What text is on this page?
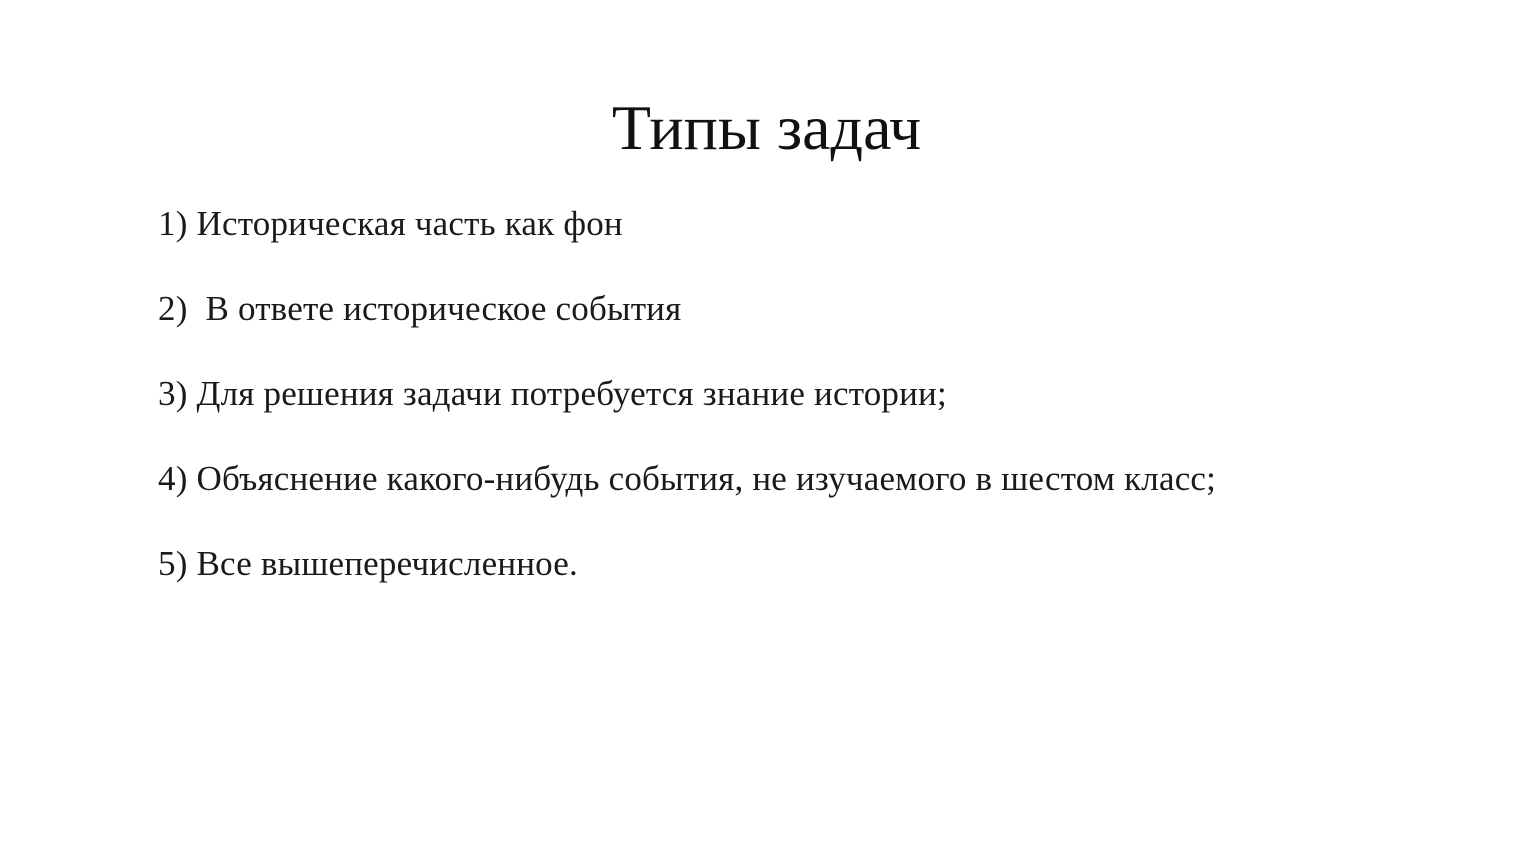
Типы задач
1) Историческая часть как фон
2)  В ответе историческое события
3) Для решения задачи потребуется знание истории;
4) Объяснение какого-нибудь события, не изучаемого в шестом класс;
5) Все вышеперечисленное.
